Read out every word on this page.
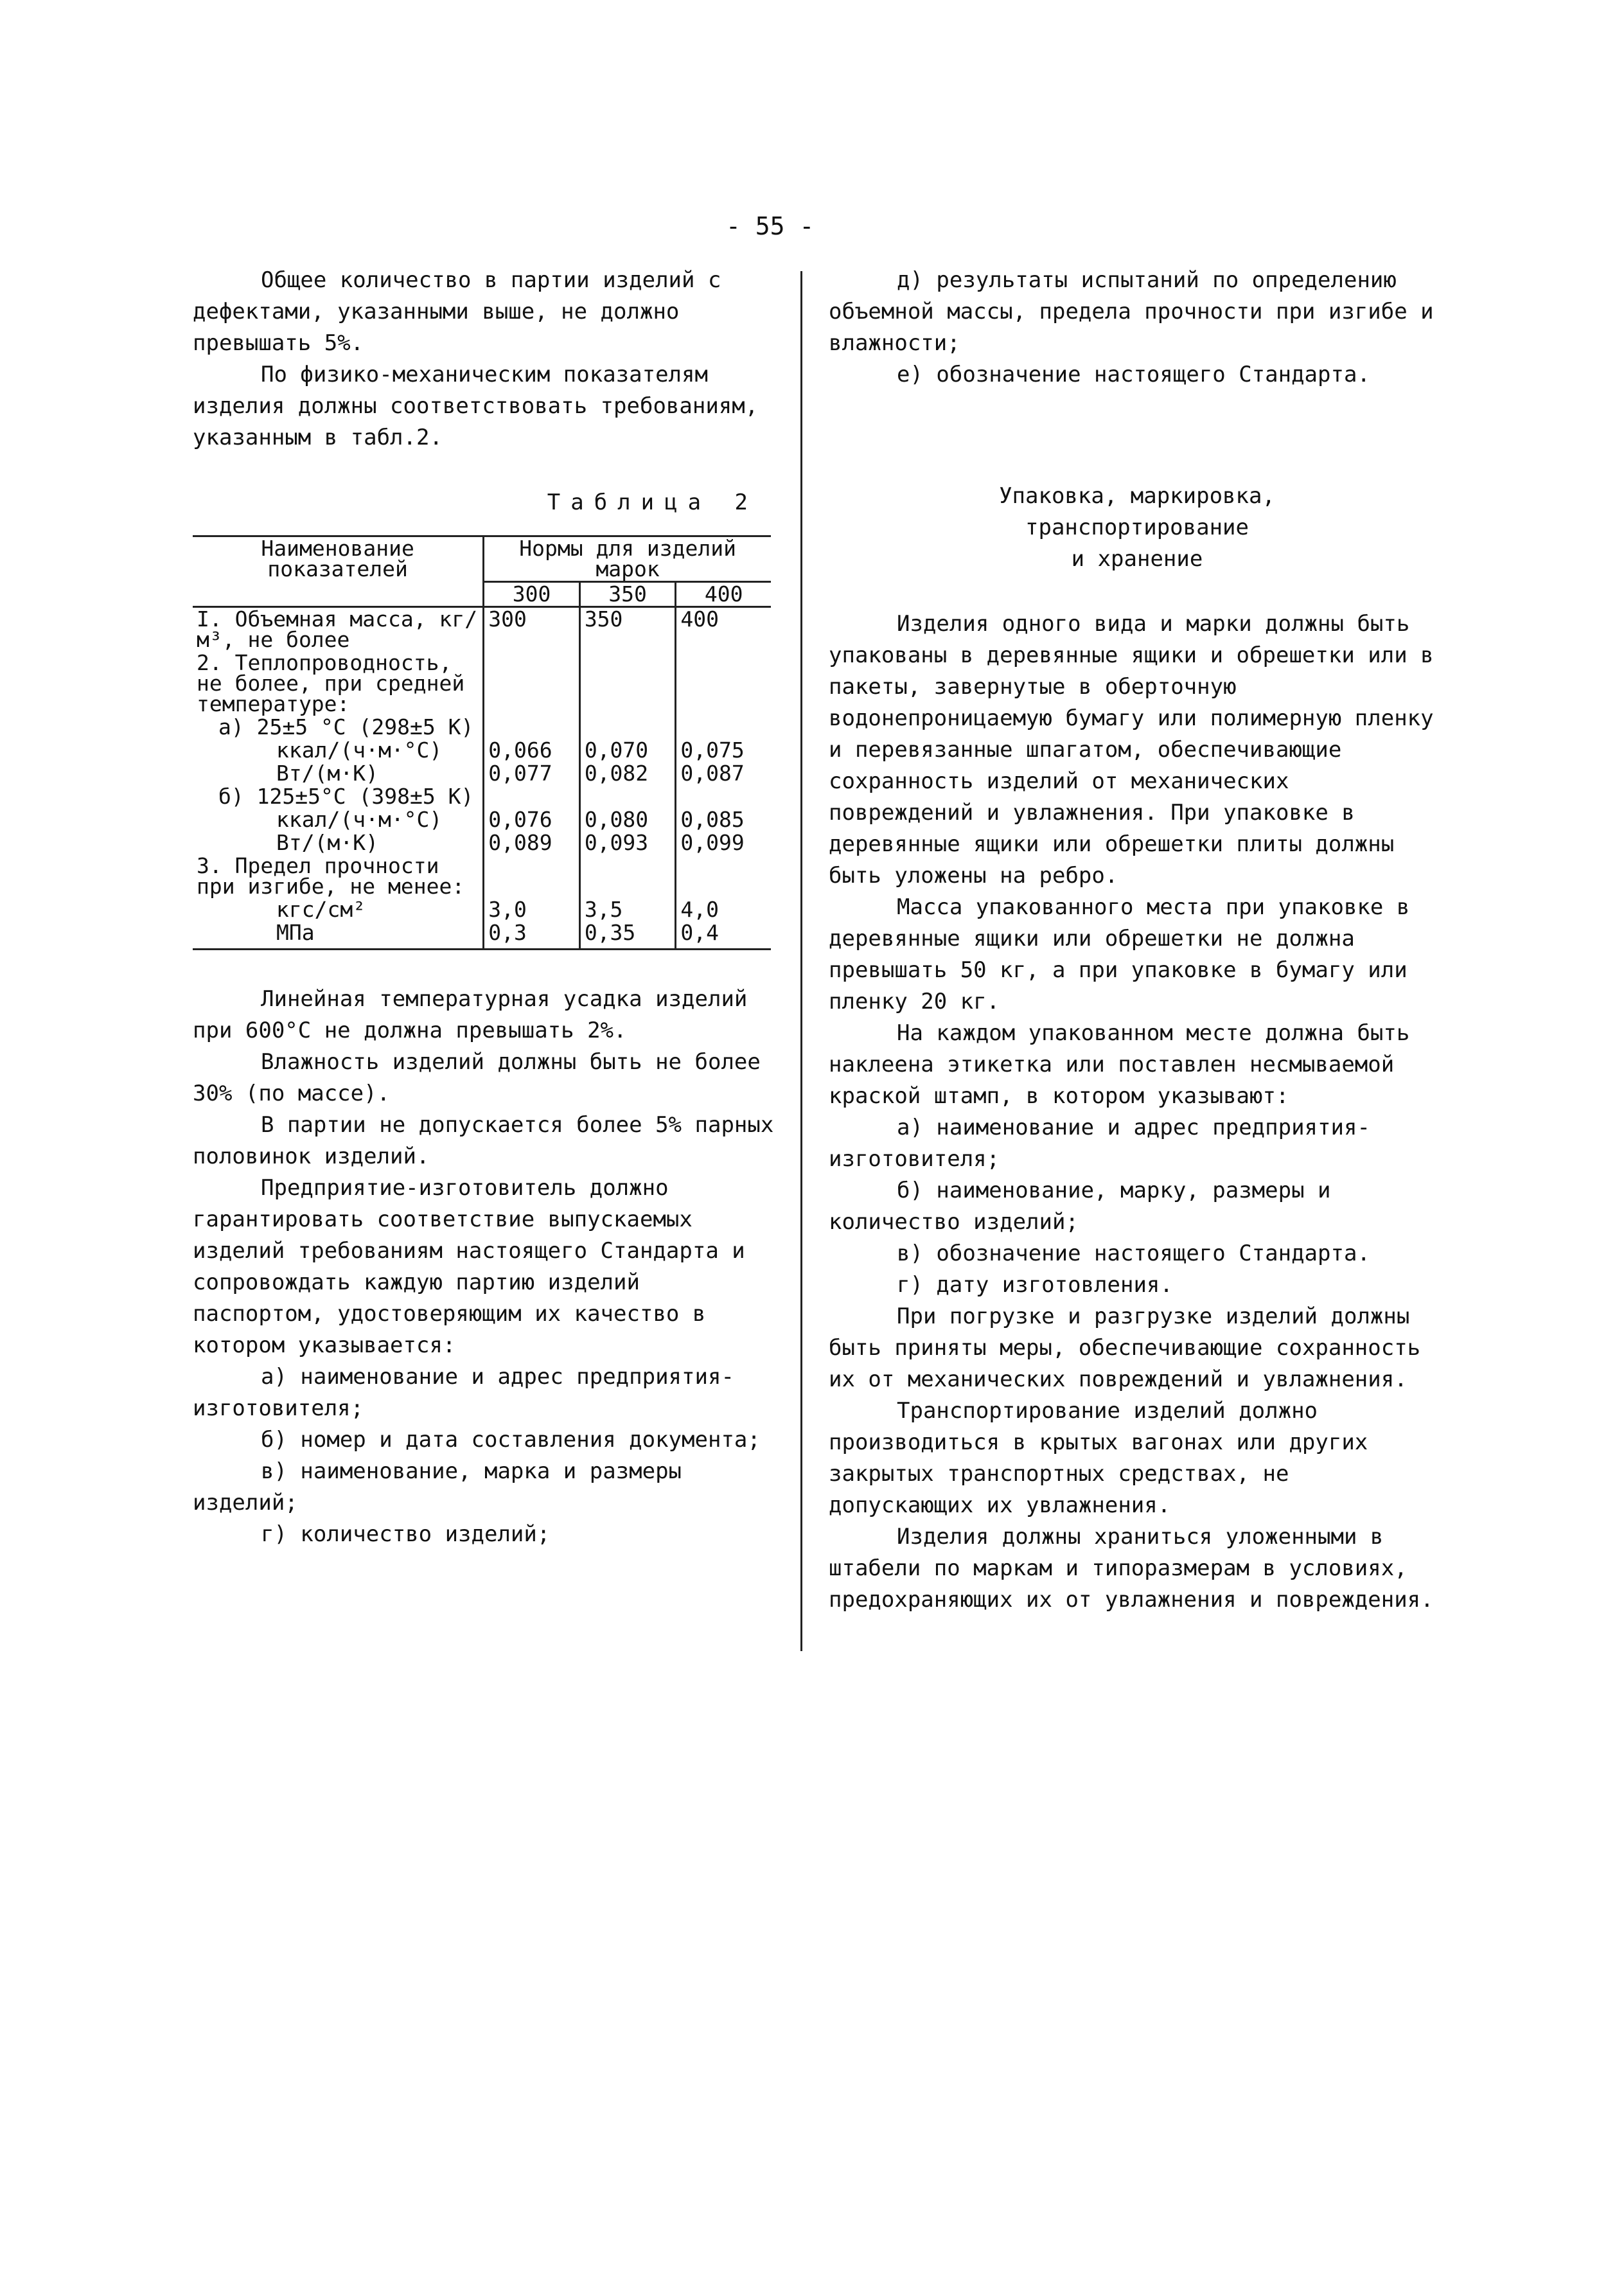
- 55 -

Общее количество в партии изделий с дефектами, указанными выше, не должно превышать 5%.

По физико-механическим показателям изделия должны соответствовать требованиям, указанным в табл.2.

Таблица 2

Наименование показателей	Нормы для изделий марок		
	300	350	400
I. Объемная масса, кг/м³, не более	300	350	400
2. Теплопроводность, не более, при средней температуре:			
а) 25±5 °С (298±5 К)			
ккал/(ч·м·°С)	0,066	0,070	0,075
Вт/(м·К)	0,077	0,082	0,087
б) 125±5°С (398±5 К)			
ккал/(ч·м·°С)	0,076	0,080	0,085
Вт/(м·К)	0,089	0,093	0,099
3. Предел прочности при изгибе, не менее:			
кгс/см²	3,0	3,5	4,0
МПа	0,3	0,35	0,4

Линейная температурная усадка изделий при 600°С не должна превышать 2%.

Влажность изделий должны быть не более 30% (по массе).

В партии не допускается более 5% парных половинок изделий.

Предприятие-изготовитель должно гарантировать соответствие выпускаемых изделий требованиям настоящего Стандарта и сопровождать каждую партию изделий паспортом, удостоверяющим их качество в котором указывается:

а) наименование и адрес предприятия-изготовителя;

б) номер и дата составления документа;

в) наименование, марка и размеры изделий;

г) количество изделий;

д) результаты испытаний по определению объемной массы, предела прочности при изгибе и влажности;

е) обозначение настоящего Стандарта.

Упаковка, маркировка,
транспортирование
и хранение

Изделия одного вида и марки должны быть упакованы в деревянные ящики и обрешетки или в пакеты, завернутые в оберточную водонепроницаемую бумагу или полимерную пленку и перевязанные шпагатом, обеспечивающие сохранность изделий от механических повреждений и увлажнения. При упаковке в деревянные ящики или обрешетки плиты должны быть уложены на ребро.

Масса упакованного места при упаковке в деревянные ящики или обрешетки не должна превышать 50 кг, а при упаковке в бумагу или пленку 20 кг.

На каждом упакованном месте должна быть наклеена этикетка или поставлен несмываемой краской штамп, в котором указывают:

а) наименование и адрес предприятия-изготовителя;

б) наименование, марку, размеры и количество изделий;

в) обозначение настоящего Стандарта.

г) дату изготовления.

При погрузке и разгрузке изделий должны быть приняты меры, обеспечивающие сохранность их от механических повреждений и увлажнения.

Транспортирование изделий должно производиться в крытых вагонах или других закрытых транспортных средствах, не допускающих их увлажнения.

Изделия должны храниться уложенными в штабели по маркам и типоразмерам в условиях, предохраняющих их от увлажнения и повреждения.
